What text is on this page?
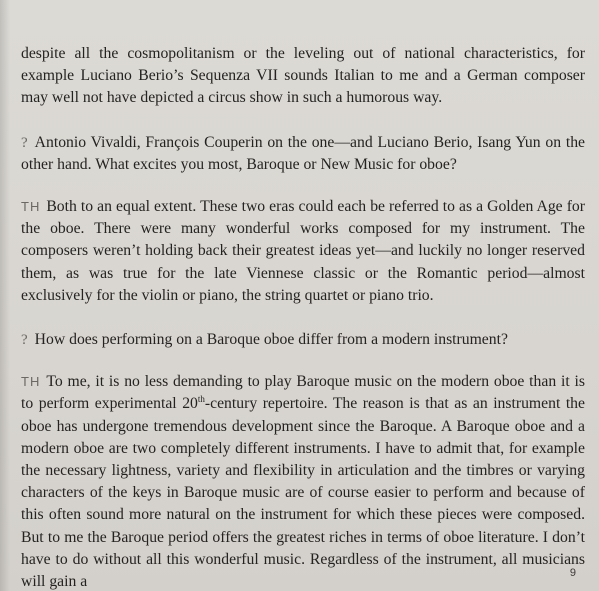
despite all the cosmopolitanism or the leveling out of national characteristics, for example Luciano Berio’s Sequenza VII sounds Italian to me and a German composer may well not have depicted a circus show in such a humorous way.

? Antonio Vivaldi, François Couperin on the one—and Luciano Berio, Isang Yun on the other hand. What excites you most, Baroque or New Music for oboe?

TH Both to an equal extent. These two eras could each be referred to as a Golden Age for the oboe. There were many wonderful works composed for my instrument. The composers weren’t holding back their greatest ideas yet—and luckily no longer reserved them, as was true for the late Viennese classic or the Romantic period—almost exclusively for the violin or piano, the string quartet or piano trio.

? How does performing on a Baroque oboe differ from a modern instrument?

TH To me, it is no less demanding to play Baroque music on the modern oboe than it is to perform experimental 20th-century repertoire. The reason is that as an instrument the oboe has undergone tremendous development since the Baroque. A Baroque oboe and a modern oboe are two completely different instruments. I have to admit that, for example the necessary lightness, variety and flexibility in articulation and the timbres or varying characters of the keys in Baroque music are of course easier to perform and because of this often sound more natural on the instrument for which these pieces were composed. But to me the Baroque period offers the greatest riches in terms of oboe literature. I don’t have to do without all this wonderful music. Regardless of the instrument, all musicians will gain a

9
